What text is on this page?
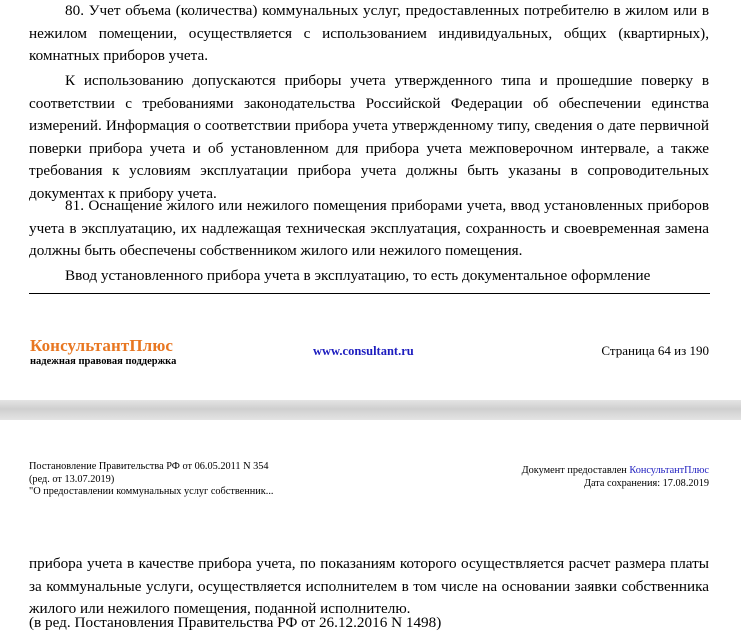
80. Учет объема (количества) коммунальных услуг, предоставленных потребителю в жилом или в нежилом помещении, осуществляется с использованием индивидуальных, общих (квартирных), комнатных приборов учета.

К использованию допускаются приборы учета утвержденного типа и прошедшие поверку в соответствии с требованиями законодательства Российской Федерации об обеспечении единства измерений. Информация о соответствии прибора учета утвержденному типу, сведения о дате первичной поверки прибора учета и об установленном для прибора учета межповерочном интервале, а также требования к условиям эксплуатации прибора учета должны быть указаны в сопроводительных документах к прибору учета.

81. Оснащение жилого или нежилого помещения приборами учета, ввод установленных приборов учета в эксплуатацию, их надлежащая техническая эксплуатация, сохранность и своевременная замена должны быть обеспечены собственником жилого или нежилого помещения.

Ввод установленного прибора учета в эксплуатацию, то есть документальное оформление

КонсультантПлюс
надежная правовая поддержка
www.consultant.ru	Страница 64 из 190
Постановление Правительства РФ от 06.05.2011 N 354
(ред. от 13.07.2019)
"О предоставлении коммунальных услуг собственник...
Документ предоставлен КонсультантПлюс
Дата сохранения: 17.08.2019

прибора учета в качестве прибора учета, по показаниям которого осуществляется расчет размера платы за коммунальные услуги, осуществляется исполнителем в том числе на основании заявки собственника жилого или нежилого помещения, поданной исполнителю.

(в ред. Постановления Правительства РФ от 26.12.2016 N 1498)
